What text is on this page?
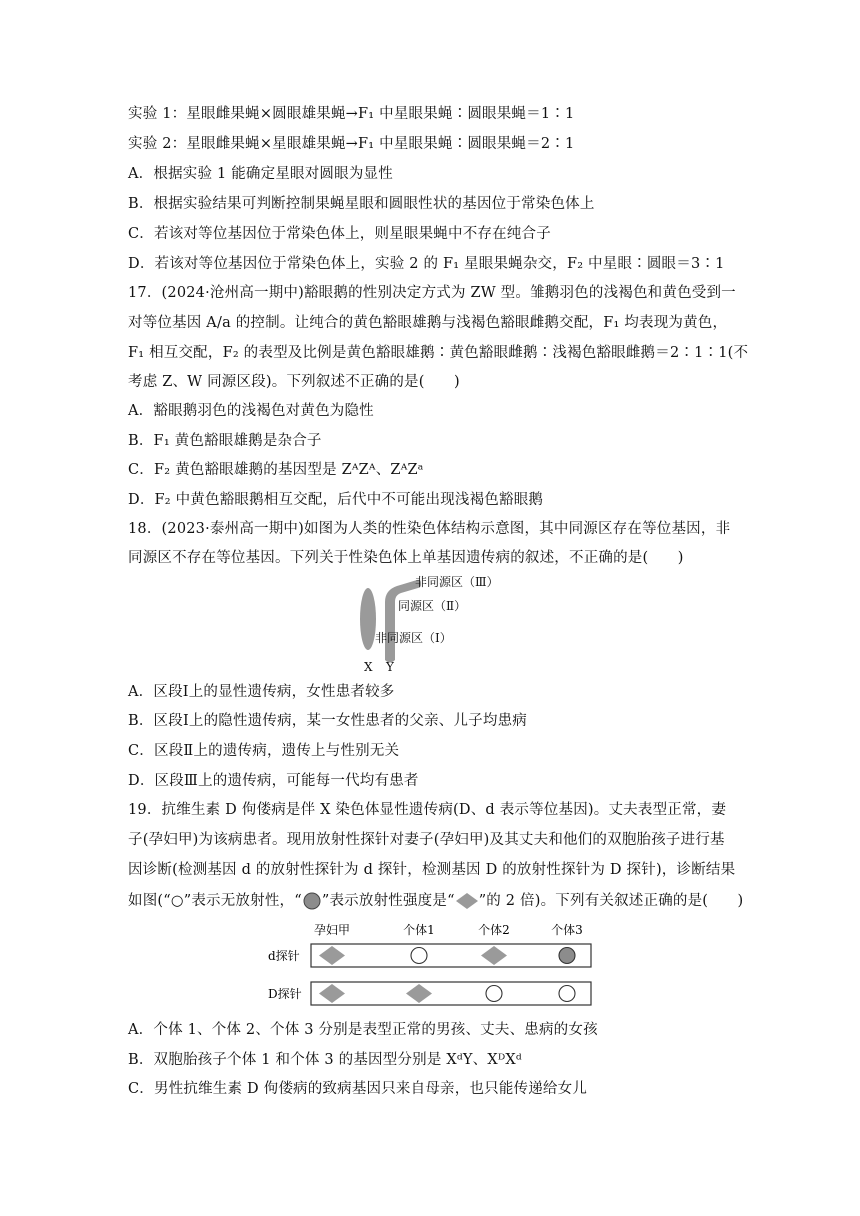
实验 1：星眼雌果蝇×圆眼雄果蝇→F₁ 中星眼果蝇∶圆眼果蝇＝1∶1
实验 2：星眼雌果蝇×星眼雄果蝇→F₁ 中星眼果蝇∶圆眼果蝇＝2∶1
A．根据实验 1 能确定星眼对圆眼为显性
B．根据实验结果可判断控制果蝇星眼和圆眼性状的基因位于常染色体上
C．若该对等位基因位于常染色体上，则星眼果蝇中不存在纯合子
D．若该对等位基因位于常染色体上，实验 2 的 F₁ 星眼果蝇杂交，F₂ 中星眼∶圆眼＝3∶1
17．(2024·沧州高一期中)豁眼鹅的性别决定方式为 ZW 型。雏鹅羽色的浅褐色和黄色受到一
对等位基因 A/a 的控制。让纯合的黄色豁眼雄鹅与浅褐色豁眼雌鹅交配，F₁ 均表现为黄色，
F₁ 相互交配，F₂ 的表型及比例是黄色豁眼雄鹅∶黄色豁眼雌鹅∶浅褐色豁眼雌鹅＝2∶1∶1(不
考虑 Z、W 同源区段)。下列叙述不正确的是(　　)
A．豁眼鹅羽色的浅褐色对黄色为隐性
B．F₁ 黄色豁眼雄鹅是杂合子
C．F₂ 黄色豁眼雄鹅的基因型是 ZᴬZᴬ、ZᴬZᵃ
D．F₂ 中黄色豁眼鹅相互交配，后代中不可能出现浅褐色豁眼鹅
18．(2023·泰州高一期中)如图为人类的性染色体结构示意图，其中同源区存在等位基因，非
同源区不存在等位基因。下列关于性染色体上单基因遗传病的叙述，不正确的是(　　)
非同源区（Ⅲ）
同源区（Ⅱ）
非同源区（Ⅰ）
X Y
A．区段Ⅰ上的显性遗传病，女性患者较多
B．区段Ⅰ上的隐性遗传病，某一女性患者的父亲、儿子均患病
C．区段Ⅱ上的遗传病，遗传上与性别无关
D．区段Ⅲ上的遗传病，可能每一代均有患者
19．抗维生素 D 佝偻病是伴 X 染色体显性遗传病(D、d 表示等位基因)。丈夫表型正常，妻
子(孕妇甲)为该病患者。现用放射性探针对妻子(孕妇甲)及其丈夫和他们的双胞胎孩子进行基
因诊断(检测基因 d 的放射性探针为 d 探针，检测基因 D 的放射性探针为 D 探针)，诊断结果
如图(“○”表示无放射性，“ ”表示放射性强度是“ ”的 2 倍)。下列有关叙述正确的是(　　)
孕妇甲	个体1	个体2	个体3
d探针
D探针
A．个体 1、个体 2、个体 3 分别是表型正常的男孩、丈夫、患病的女孩
B．双胞胎孩子个体 1 和个体 3 的基因型分别是 XᵈY、XᴰXᵈ
C．男性抗维生素 D 佝偻病的致病基因只来自母亲，也只能传递给女儿
